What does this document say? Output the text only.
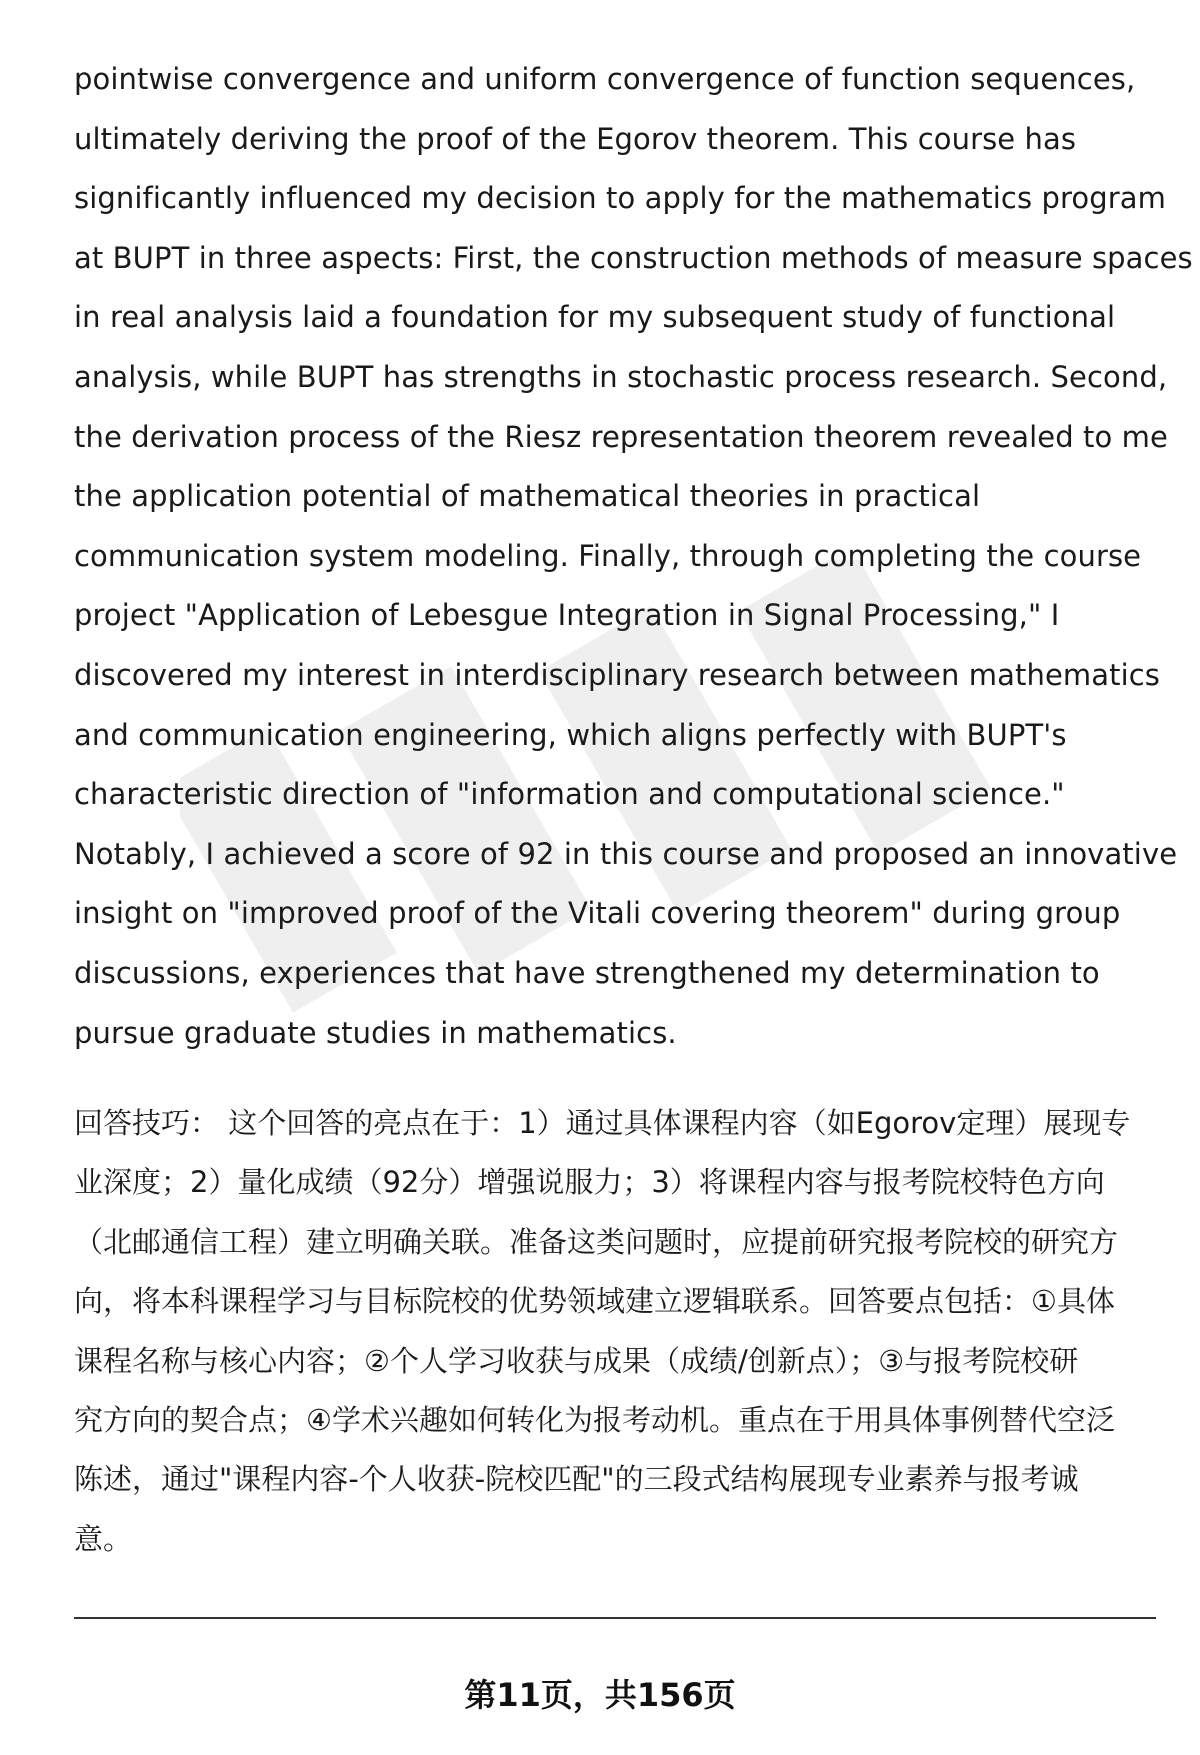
pointwise convergence and uniform convergence of function sequences,
ultimately deriving the proof of the Egorov theorem. This course has
significantly influenced my decision to apply for the mathematics program
at BUPT in three aspects: First, the construction methods of measure spaces
in real analysis laid a foundation for my subsequent study of functional
analysis, while BUPT has strengths in stochastic process research. Second,
the derivation process of the Riesz representation theorem revealed to me
the application potential of mathematical theories in practical
communication system modeling. Finally, through completing the course
project "Application of Lebesgue Integration in Signal Processing," I
discovered my interest in interdisciplinary research between mathematics
and communication engineering, which aligns perfectly with BUPT's
characteristic direction of "information and computational science."
Notably, I achieved a score of 92 in this course and proposed an innovative
insight on "improved proof of the Vitali covering theorem" during group
discussions, experiences that have strengthened my determination to
pursue graduate studies in mathematics.
回答技巧： 这个回答的亮点在于：1）通过具体课程内容（如Egorov定理）展现专
业深度；2）量化成绩（92分）增强说服力；3）将课程内容与报考院校特色方向
（北邮通信工程）建立明确关联。准备这类问题时，应提前研究报考院校的研究方
向，将本科课程学习与目标院校的优势领域建立逻辑联系。回答要点包括：①具体
课程名称与核心内容；②个人学习收获与成果（成绩/创新点）；③与报考院校研
究方向的契合点；④学术兴趣如何转化为报考动机。重点在于用具体事例替代空泛
陈述，通过"课程内容-个人收获-院校匹配"的三段式结构展现专业素养与报考诚
意。
第11页，共156页
